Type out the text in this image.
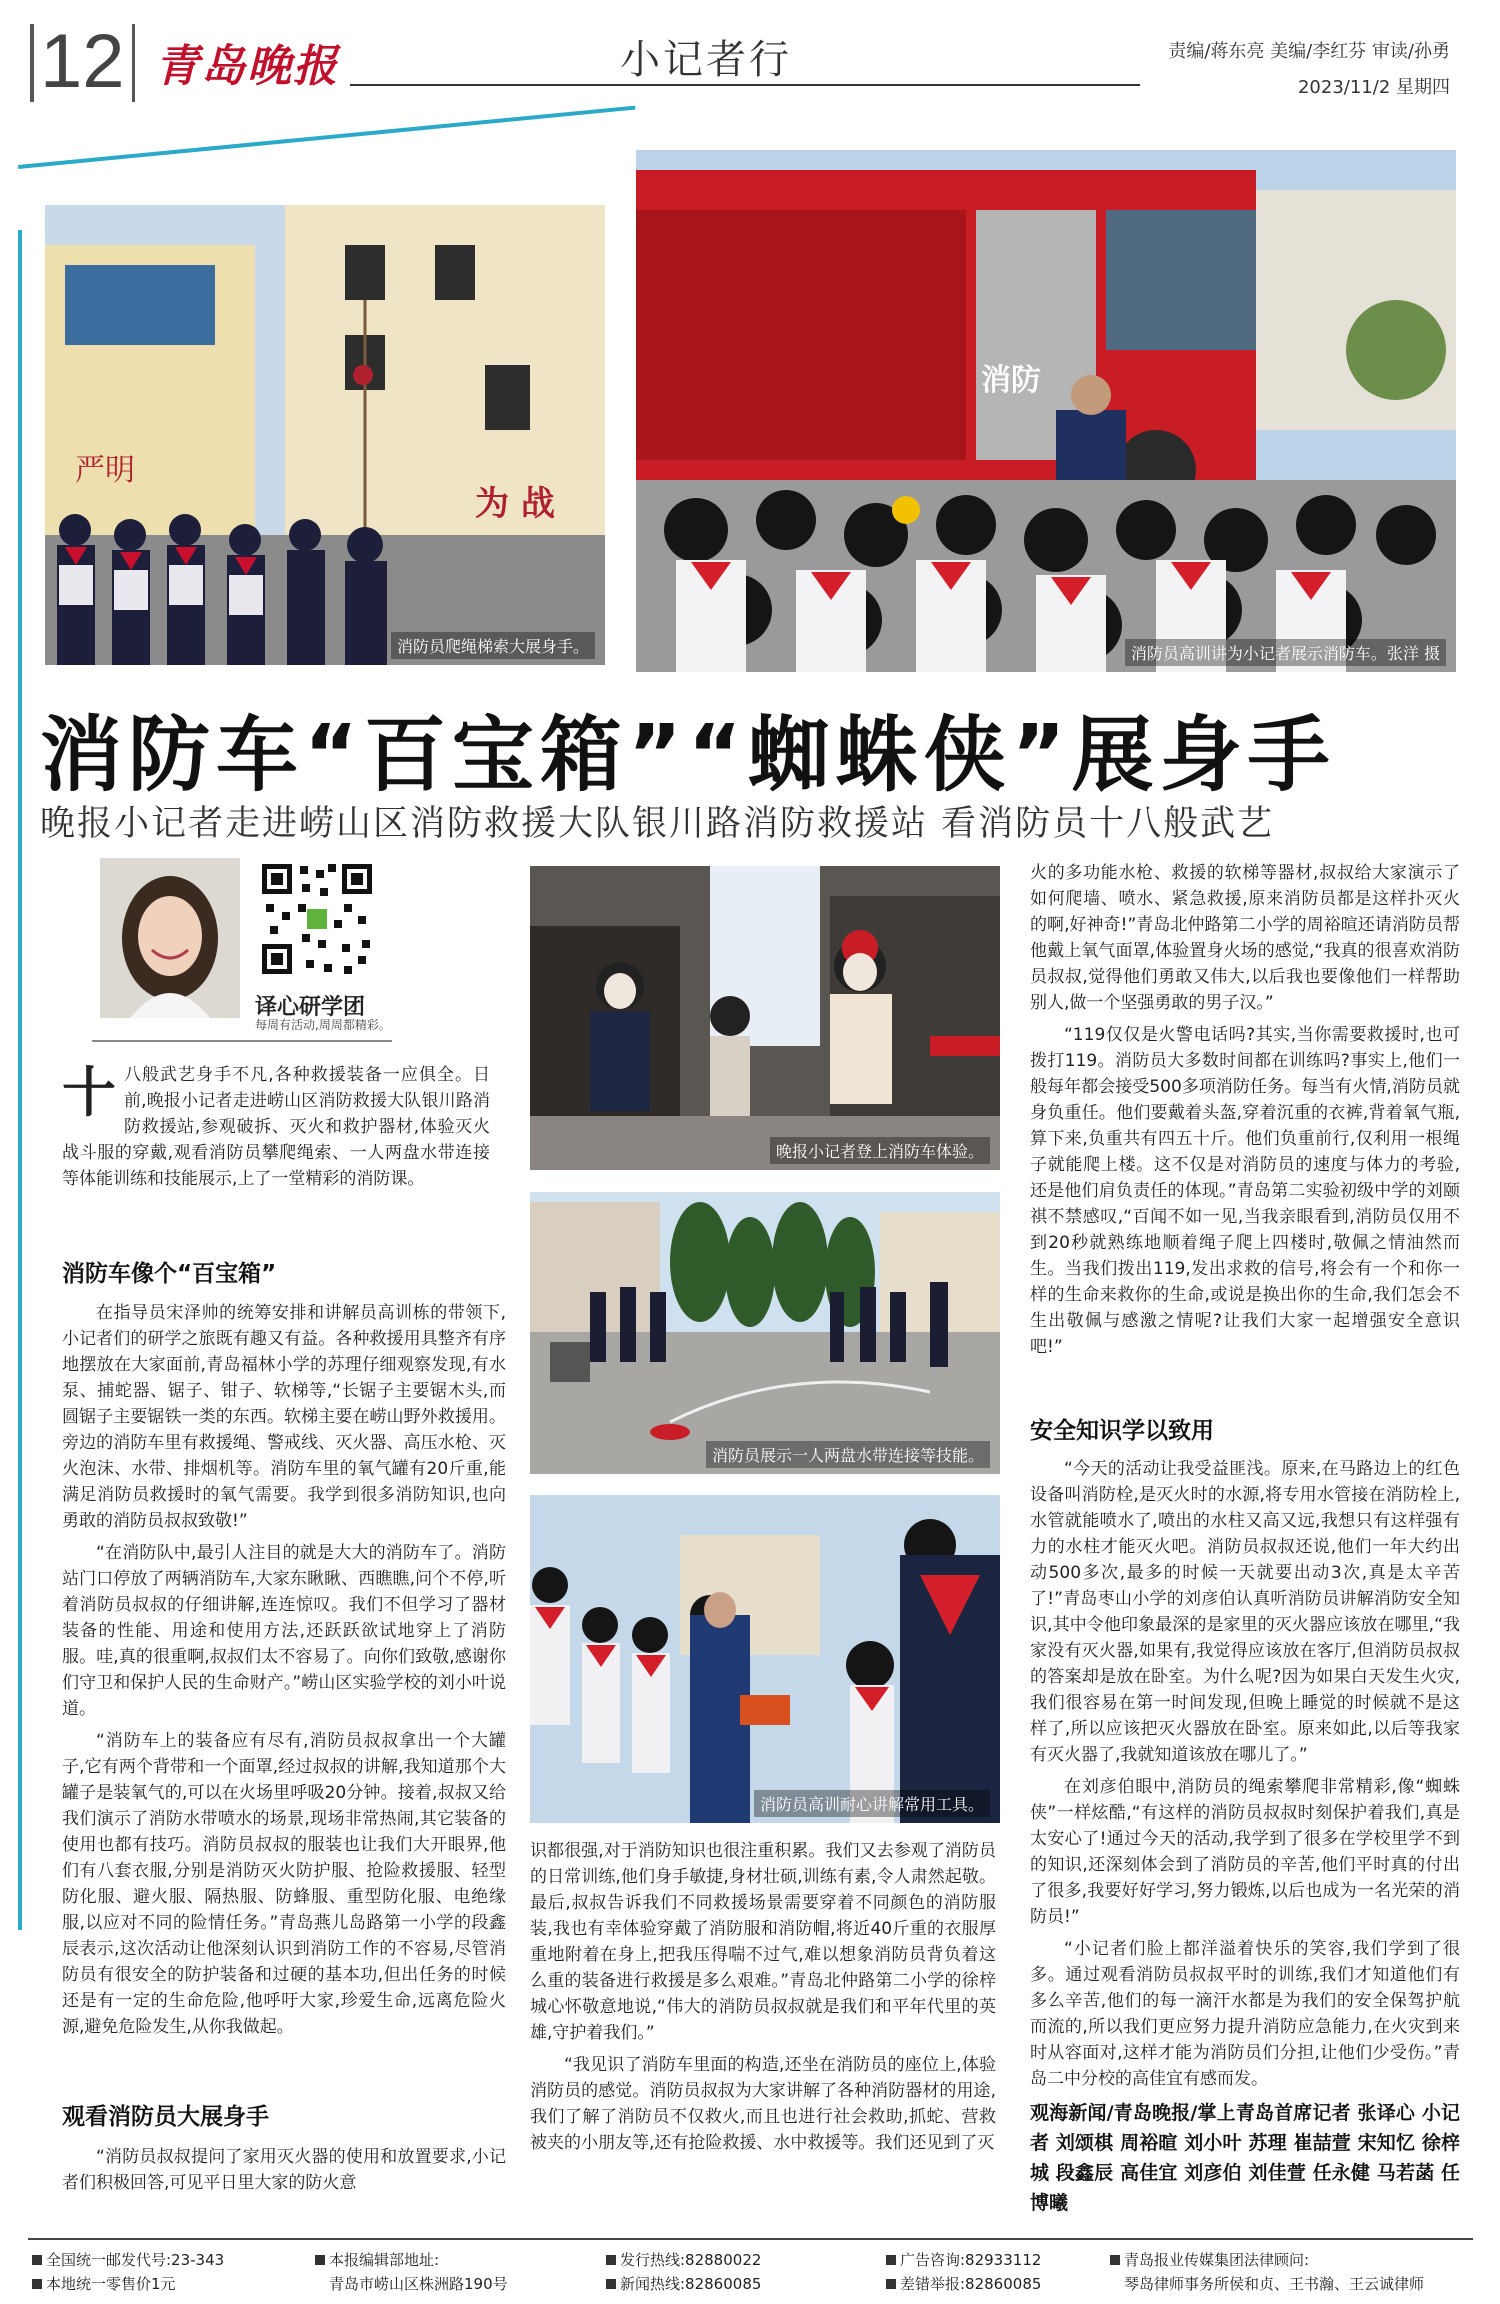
12 青岛晚报	小记者行	责编/蒋东亮 美编/李红芬 审读/孙勇
2023/11/2 星期四
严明
为 战
消防员爬绳梯索大展身手。
消防
消防员高训讲为小记者展示消防车。张洋 摄
消防车“百宝箱”“蜘蛛侠”展身手
晚报小记者走进崂山区消防救援大队银川路消防救援站 看消防员十八般武艺
译心研学团
每周有活动,周周都精彩。
十八般武艺身手不凡,各种救援装备一应俱全。日前,晚报小记者走进崂山区消防救援大队银川路消防救援站,参观破拆、灭火和救护器材,体验灭火战斗服的穿戴,观看消防员攀爬绳索、一人两盘水带连接等体能训练和技能展示,上了一堂精彩的消防课。
消防车像个“百宝箱”

在指导员宋泽帅的统筹安排和讲解员高训栋的带领下,小记者们的研学之旅既有趣又有益。各种救援用具整齐有序地摆放在大家面前,青岛福林小学的苏理仔细观察发现,有水泵、捕蛇器、锯子、钳子、软梯等,“长锯子主要锯木头,而圆锯子主要锯铁一类的东西。软梯主要在崂山野外救援用。旁边的消防车里有救援绳、警戒线、灭火器、高压水枪、灭火泡沫、水带、排烟机等。消防车里的氧气罐有20斤重,能满足消防员救援时的氧气需要。我学到很多消防知识,也向勇敢的消防员叔叔致敬!”

“在消防队中,最引人注目的就是大大的消防车了。消防站门口停放了两辆消防车,大家东瞅瞅、西瞧瞧,问个不停,听着消防员叔叔的仔细讲解,连连惊叹。我们不但学习了器材装备的性能、用途和使用方法,还跃跃欲试地穿上了消防服。哇,真的很重啊,叔叔们太不容易了。向你们致敬,感谢你们守卫和保护人民的生命财产。”崂山区实验学校的刘小叶说道。

“消防车上的装备应有尽有,消防员叔叔拿出一个大罐子,它有两个背带和一个面罩,经过叔叔的讲解,我知道那个大罐子是装氧气的,可以在火场里呼吸20分钟。接着,叔叔又给我们演示了消防水带喷水的场景,现场非常热闹,其它装备的使用也都有技巧。消防员叔叔的服装也让我们大开眼界,他们有八套衣服,分别是消防灭火防护服、抢险救援服、轻型防化服、避火服、隔热服、防蜂服、重型防化服、电绝缘服,以应对不同的险情任务。”青岛燕儿岛路第一小学的段鑫辰表示,这次活动让他深刻认识到消防工作的不容易,尽管消防员有很安全的防护装备和过硬的基本功,但出任务的时候还是有一定的生命危险,他呼吁大家,珍爱生命,远离危险火源,避免危险发生,从你我做起。

观看消防员大展身手

“消防员叔叔提问了家用灭火器的使用和放置要求,小记者们积极回答,可见平日里大家的防火意

晚报小记者登上消防车体验。
消防员展示一人两盘水带连接等技能。
消防员高训耐心讲解常用工具。

识都很强,对于消防知识也很注重积累。我们又去参观了消防员的日常训练,他们身手敏捷,身材壮硕,训练有素,令人肃然起敬。最后,叔叔告诉我们不同救援场景需要穿着不同颜色的消防服装,我也有幸体验穿戴了消防服和消防帽,将近40斤重的衣服厚重地附着在身上,把我压得喘不过气,难以想象消防员背负着这么重的装备进行救援是多么艰难。”青岛北仲路第二小学的徐梓城心怀敬意地说,“伟大的消防员叔叔就是我们和平年代里的英雄,守护着我们。”

“我见识了消防车里面的构造,还坐在消防员的座位上,体验消防员的感觉。消防员叔叔为大家讲解了各种消防器材的用途,我们了解了消防员不仅救火,而且也进行社会救助,抓蛇、营救被夹的小朋友等,还有抢险救援、水中救援等。我们还见到了灭

火的多功能水枪、救援的软梯等器材,叔叔给大家演示了如何爬墙、喷水、紧急救援,原来消防员都是这样扑灭火的啊,好神奇!”青岛北仲路第二小学的周裕暄还请消防员帮他戴上氧气面罩,体验置身火场的感觉,“我真的很喜欢消防员叔叔,觉得他们勇敢又伟大,以后我也要像他们一样帮助别人,做一个坚强勇敢的男子汉。”

“119仅仅是火警电话吗?其实,当你需要救援时,也可拨打119。消防员大多数时间都在训练吗?事实上,他们一般每年都会接受500多项消防任务。每当有火情,消防员就身负重任。他们要戴着头盔,穿着沉重的衣裤,背着氧气瓶,算下来,负重共有四五十斤。他们负重前行,仅利用一根绳子就能爬上楼。这不仅是对消防员的速度与体力的考验,还是他们肩负责任的体现。”青岛第二实验初级中学的刘颐祺不禁感叹,“百闻不如一见,当我亲眼看到,消防员仅用不到20秒就熟练地顺着绳子爬上四楼时,敬佩之情油然而生。当我们拨出119,发出求救的信号,将会有一个和你一样的生命来救你的生命,或说是换出你的生命,我们怎会不生出敬佩与感激之情呢?让我们大家一起增强安全意识吧!”

安全知识学以致用

“今天的活动让我受益匪浅。原来,在马路边上的红色设备叫消防栓,是灭火时的水源,将专用水管接在消防栓上,水管就能喷水了,喷出的水柱又高又远,我想只有这样强有力的水柱才能灭火吧。消防员叔叔还说,他们一年大约出动500多次,最多的时候一天就要出动3次,真是太辛苦了!”青岛枣山小学的刘彦伯认真听消防员讲解消防安全知识,其中令他印象最深的是家里的灭火器应该放在哪里,“我家没有灭火器,如果有,我觉得应该放在客厅,但消防员叔叔的答案却是放在卧室。为什么呢?因为如果白天发生火灾,我们很容易在第一时间发现,但晚上睡觉的时候就不是这样了,所以应该把灭火器放在卧室。原来如此,以后等我家有灭火器了,我就知道该放在哪儿了。”

在刘彦伯眼中,消防员的绳索攀爬非常精彩,像“蜘蛛侠”一样炫酷,“有这样的消防员叔叔时刻保护着我们,真是太安心了!通过今天的活动,我学到了很多在学校里学不到的知识,还深刻体会到了消防员的辛苦,他们平时真的付出了很多,我要好好学习,努力锻炼,以后也成为一名光荣的消防员!”

“小记者们脸上都洋溢着快乐的笑容,我们学到了很多。通过观看消防员叔叔平时的训练,我们才知道他们有多么辛苦,他们的每一滴汗水都是为我们的安全保驾护航而流的,所以我们更应努力提升消防应急能力,在火灾到来时从容面对,这样才能为消防员们分担,让他们少受伤。”青岛二中分校的高佳宜有感而发。

观海新闻/青岛晚报/掌上青岛首席记者 张译心 小记者 刘颂棋 周裕暄 刘小叶 苏理 崔喆萱 宋知忆 徐梓城 段鑫辰 高佳宜 刘彦伯 刘佳萱 任永健 马若菡 任博曦
全国统一邮发代号:23-343
本地统一零售价1元
本报编辑部地址:
青岛市崂山区株洲路190号
发行热线:82880022
新闻热线:82860085
广告咨询:82933112
差错举报:82860085
青岛报业传媒集团法律顾问:
琴岛律师事务所侯和贞、王书瀚、王云诚律师
